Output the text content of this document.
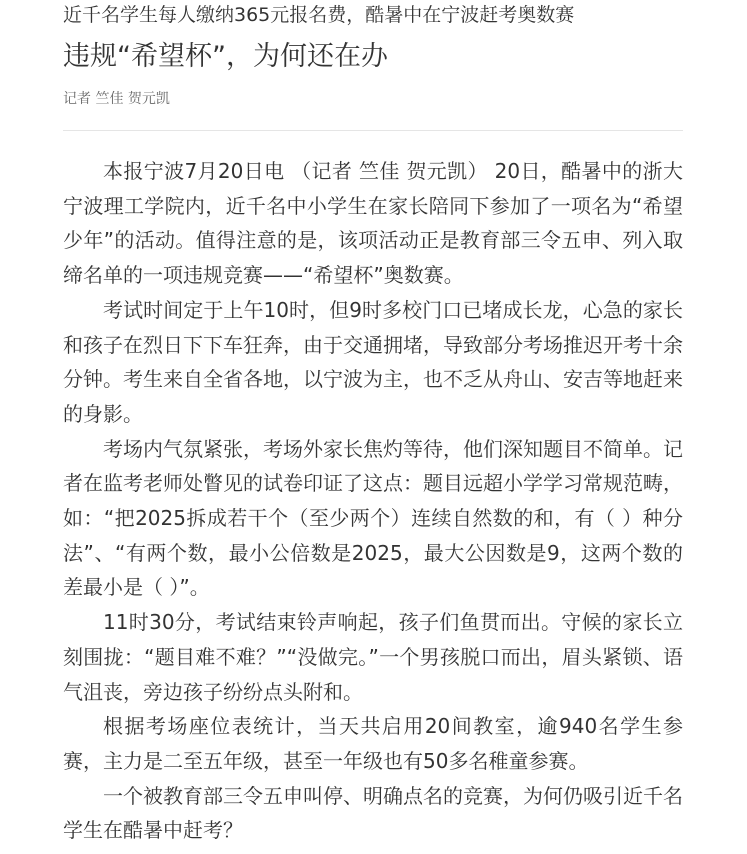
近千名学生每人缴纳365元报名费，酷暑中在宁波赶考奥数赛
违规“希望杯”，为何还在办
记者 竺佳 贺元凯

本报宁波7月20日电 （记者 竺佳 贺元凯） 20日，酷暑中的浙大宁波理工学院内，近千名中小学生在家长陪同下参加了一项名为“希望少年”的活动。值得注意的是，该项活动正是教育部三令五申、列入取缔名单的一项违规竞赛——“希望杯”奥数赛。

考试时间定于上午10时，但9时多校门口已堵成长龙，心急的家长和孩子在烈日下下车狂奔，由于交通拥堵，导致部分考场推迟开考十余分钟。考生来自全省各地，以宁波为主，也不乏从舟山、安吉等地赶来的身影。

考场内气氛紧张，考场外家长焦灼等待，他们深知题目不简单。记者在监考老师处瞥见的试卷印证了这点：题目远超小学学习常规范畴，如：“把2025拆成若干个（至少两个）连续自然数的和，有（ ）种分法”、“有两个数，最小公倍数是2025，最大公因数是9，这两个数的差最小是（ ）”。

11时30分，考试结束铃声响起，孩子们鱼贯而出。守候的家长立刻围拢：“题目难不难？”“没做完。”一个男孩脱口而出，眉头紧锁、语气沮丧，旁边孩子纷纷点头附和。

根据考场座位表统计，当天共启用20间教室，逾940名学生参赛，主力是二至五年级，甚至一年级也有50多名稚童参赛。

一个被教育部三令五申叫停、明确点名的竞赛，为何仍吸引近千名学生在酷暑中赶考？
